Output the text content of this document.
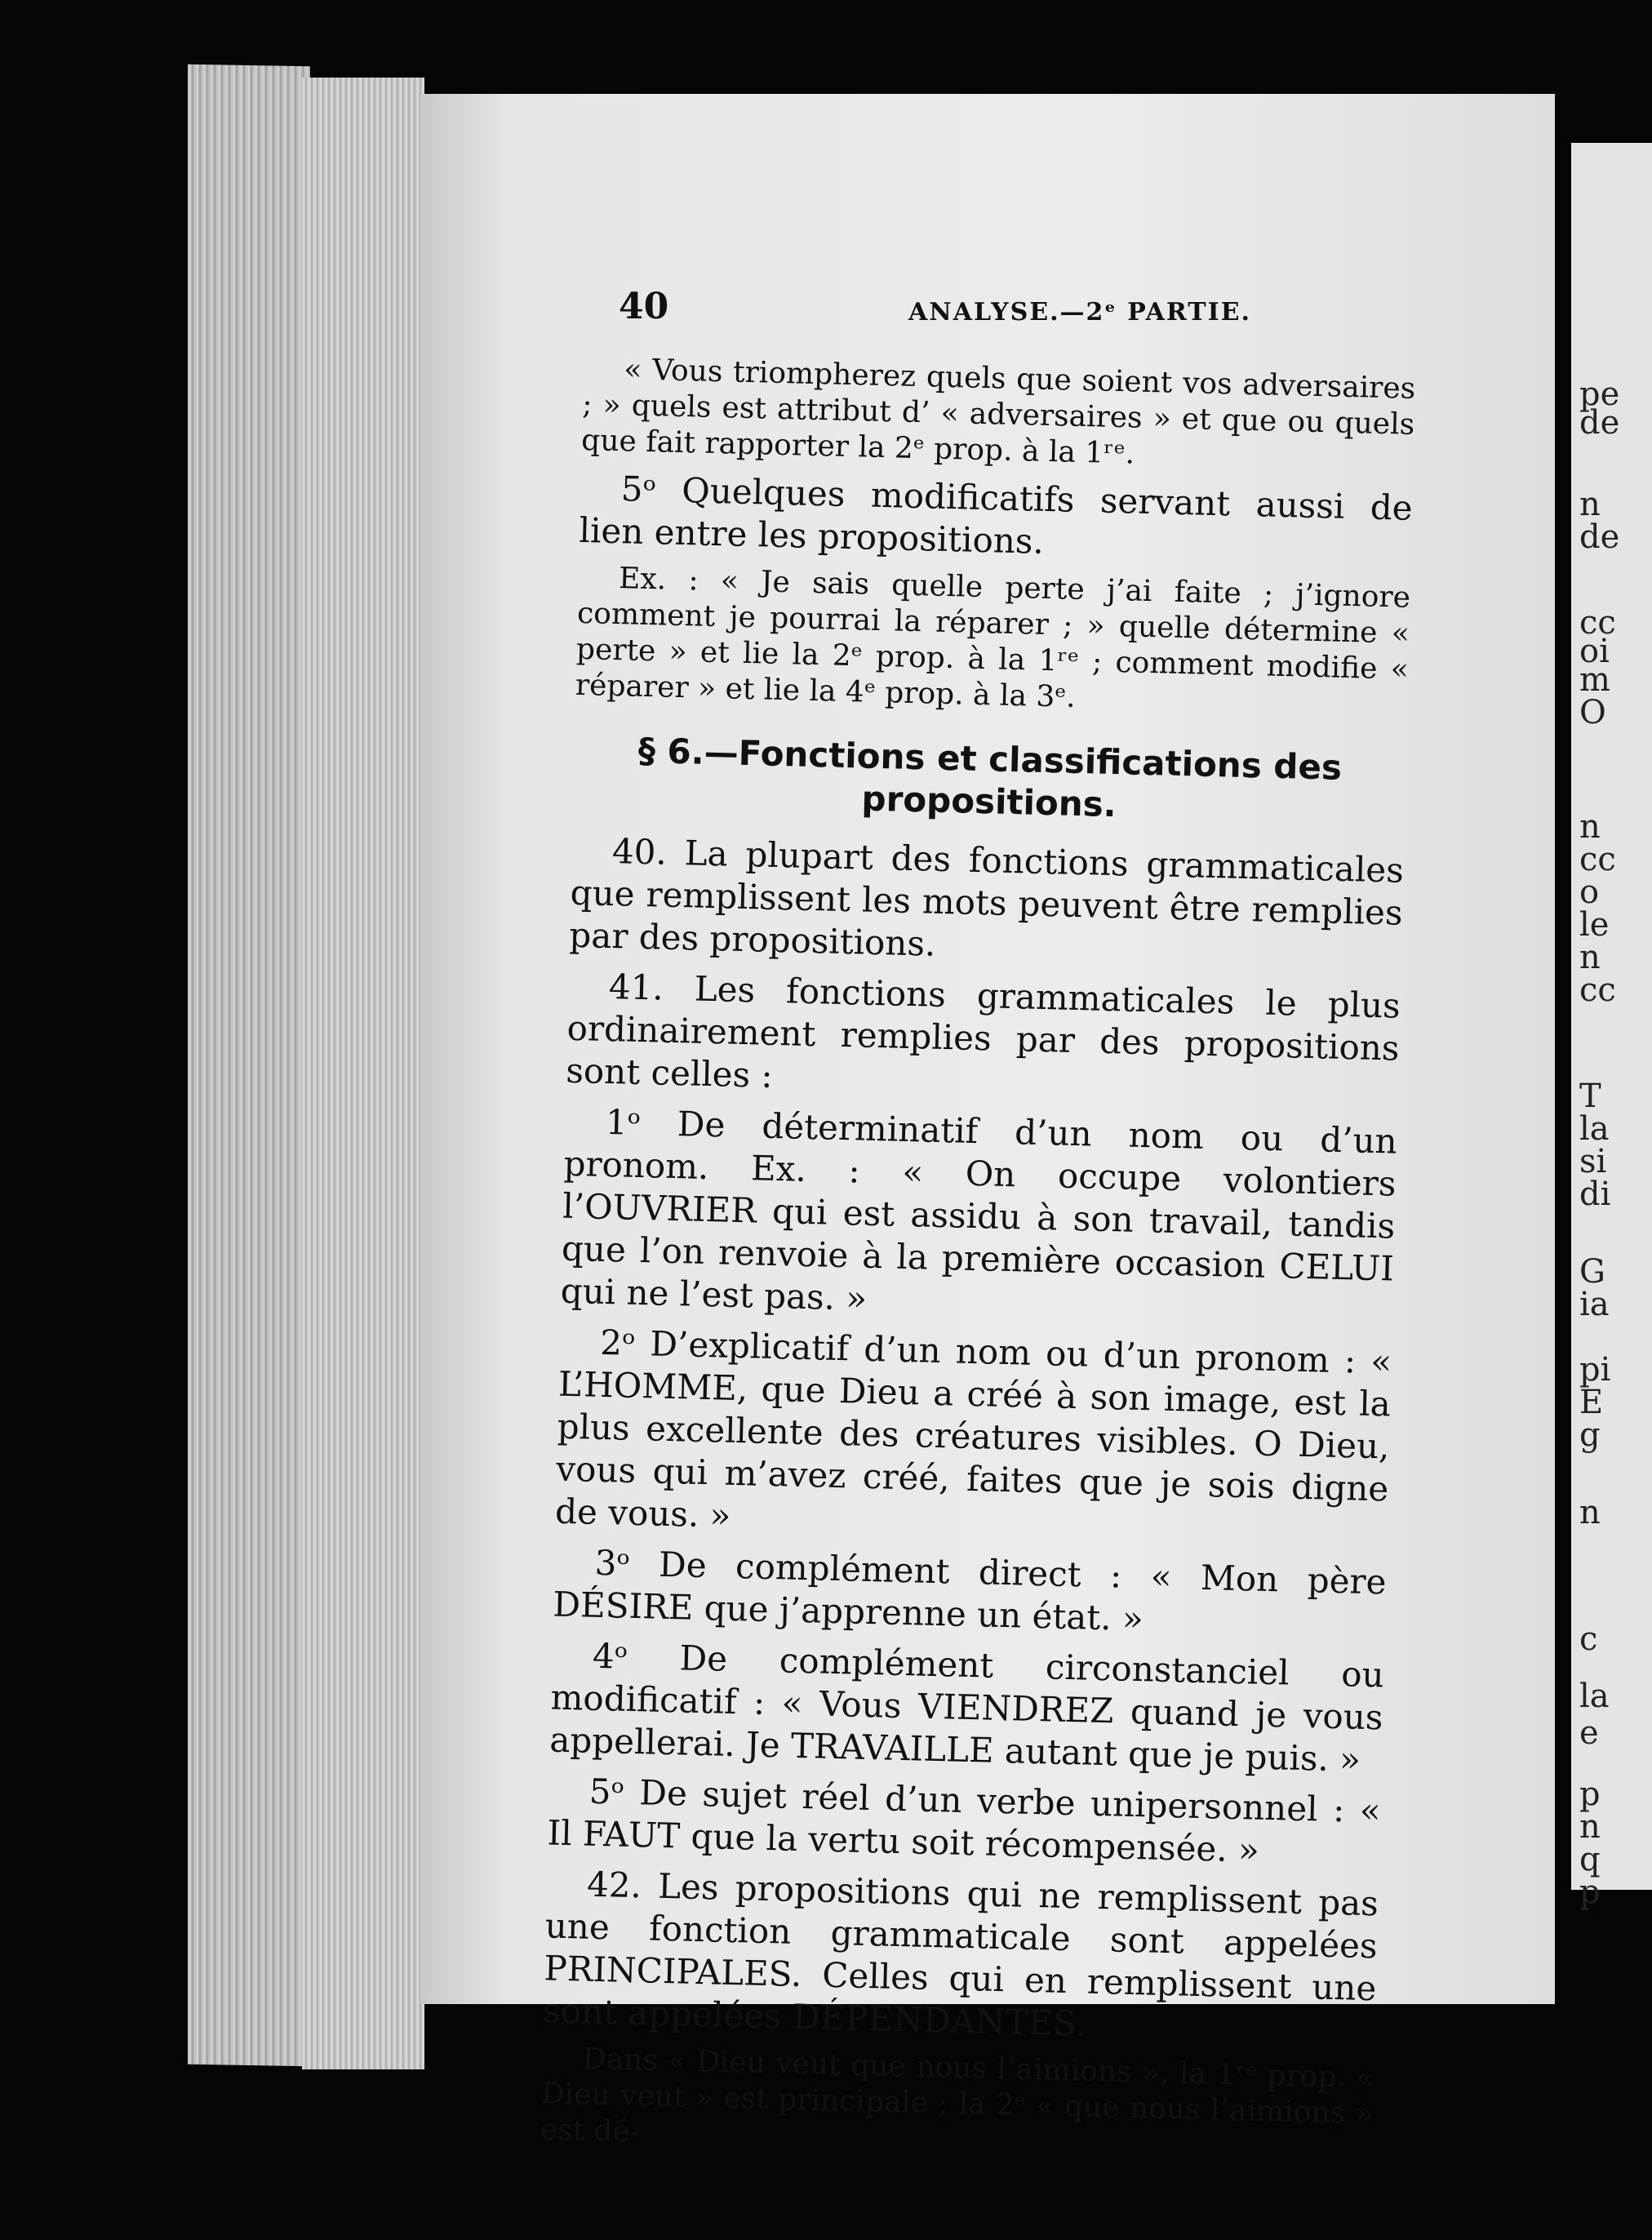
40	ANALYSE.—2ᵉ PARTIE.

« Vous triompherez quels que soient vos adversaires ; » quels est attribut d’ « adversaires » et que ou quels que fait rapporter la 2ᵉ prop. à la 1ʳᵉ.

5ᵒ Quelques modificatifs servant aussi de lien entre les propositions.

Ex. : « Je sais quelle perte j’ai faite ; j’ignore comment je pourrai la réparer ; » quelle détermine « perte » et lie la 2ᵉ prop. à la 1ʳᵉ ; comment modifie « réparer » et lie la 4ᵉ prop. à la 3ᵉ.

§ 6.—Fonctions et classifications des propositions.

40. La plupart des fonctions grammaticales que remplissent les mots peuvent être remplies par des propositions.

41. Les fonctions grammaticales le plus ordinairement remplies par des propositions sont celles :

1ᵒ De déterminatif d’un nom ou d’un pronom. Ex. : « On occupe volontiers l’OUVRIER qui est assidu à son travail, tandis que l’on renvoie à la première occasion CELUI qui ne l’est pas. »

2ᵒ D’explicatif d’un nom ou d’un pronom : « L’HOMME, que Dieu a créé à son image, est la plus excellente des créatures visibles. O Dieu, vous qui m’avez créé, faites que je sois digne de vous. »

3ᵒ De complément direct : « Mon père DÉSIRE que j’apprenne un état. »

4ᵒ De complément circonstanciel ou modificatif : « Vous VIENDREZ quand je vous appellerai. Je TRAVAILLE autant que je puis. »

5ᵒ De sujet réel d’un verbe unipersonnel : « Il FAUT que la vertu soit récompensée. »

42. Les propositions qui ne remplissent pas une fonction grammaticale sont appelées PRINCIPALES. Celles qui en remplissent une sont appelées DÉPENDANTES.

Dans « Dieu veut que nous l’aimions », la 1ʳᵉ prop. « Dieu veut » est principale ; la 2ᵉ « que nous l’aimions » est dé-

pe
de
n
de
cc
oi
m
O
n
cc
o
le
n
cc
T
la
si
di
G
ia
pi
E
g
n
c
la
e
p
n
q
p
